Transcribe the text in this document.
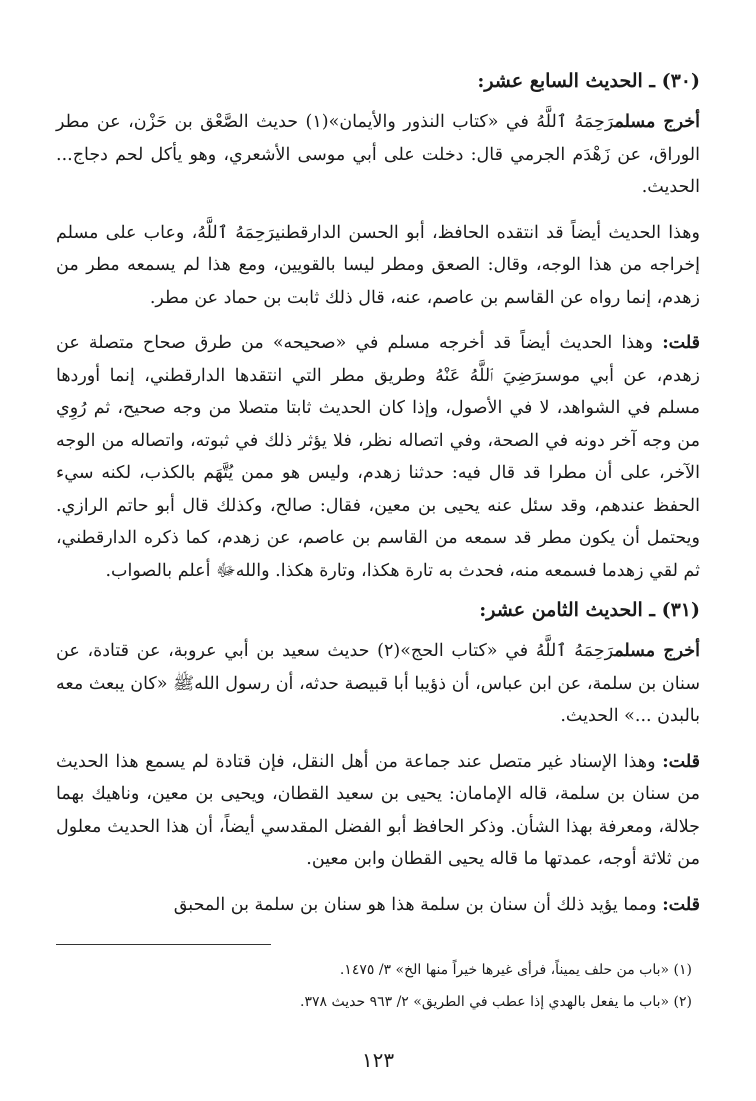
(٣٠) ـ الحديث السابع عشر:

أخرج مسلمرَحِمَهُ ٱللَّهُ في «كتاب النذور والأيمان»(١) حديث الصَّعْق بن حَزْن، عن مطر الوراق، عن زَهْدَم الجرمي قال: دخلت على أبي موسى الأشعري، وهو يأكل لحم دجاج... الحديث.

وهذا الحديث أيضاً قد انتقده الحافظ، أبو الحسن الدارقطنيرَحِمَهُ ٱللَّهُ، وعاب على مسلم إخراجه من هذا الوجه، وقال: الصعق ومطر ليسا بالقويين، ومع هذا لم يسمعه مطر من زهدم، إنما رواه عن القاسم بن عاصم، عنه، قال ذلك ثابت بن حماد عن مطر.

قلت: وهذا الحديث أيضاً قد أخرجه مسلم في «صحيحه» من طرق صحاح متصلة عن زهدم، عن أبي موسىرَضِيَ ٱللَّهُ عَنْهُ وطريق مطر التي انتقدها الدارقطني، إنما أوردها مسلم في الشواهد، لا في الأصول، وإذا كان الحديث ثابتا متصلا من وجه صحيح، ثم رُوِي من وجه آخر دونه في الصحة، وفي اتصاله نظر، فلا يؤثر ذلك في ثبوته، واتصاله من الوجه الآخر، على أن مطرا قد قال فيه: حدثنا زهدم، وليس هو ممن يُتَّهَم بالكذب، لكنه سيء الحفظ عندهم، وقد سئل عنه يحيى بن معين، فقال: صالح، وكذلك قال أبو حاتم الرازي. ويحتمل أن يكون مطر قد سمعه من القاسم بن عاصم، عن زهدم، كما ذكره الدارقطني، ثم لقي زهدما فسمعه منه، فحدث به تارة هكذا، وتارة هكذا. واللهﷻ أعلم بالصواب.

(٣١) ـ الحديث الثامن عشر:

أخرج مسلمرَحِمَهُ ٱللَّهُ في «كتاب الحج»(٢) حديث سعيد بن أبي عروبة، عن قتادة، عن سنان بن سلمة، عن ابن عباس، أن ذؤيبا أبا قبيصة حدثه، أن رسول اللهﷺ «كان يبعث معه بالبدن ...» الحديث.

قلت: وهذا الإسناد غير متصل عند جماعة من أهل النقل، فإن قتادة لم يسمع هذا الحديث من سنان بن سلمة، قاله الإمامان: يحيى بن سعيد القطان، ويحيى بن معين، وناهيك بهما جلالة، ومعرفة بهذا الشأن. وذكر الحافظ أبو الفضل المقدسي أيضاً، أن هذا الحديث معلول من ثلاثة أوجه، عمدتها ما قاله يحيى القطان وابن معين.

قلت: ومما يؤيد ذلك أن سنان بن سلمة هذا هو سنان بن سلمة بن المحبق

(١) «باب من حلف يميناً، فرأى غيرها خيراً منها الخ» ٣/ ١٤٧٥.

(٢) «باب ما يفعل بالهدي إذا عطب في الطريق» ٢/ ٩٦٣ حديث ٣٧٨.

١٢٣
